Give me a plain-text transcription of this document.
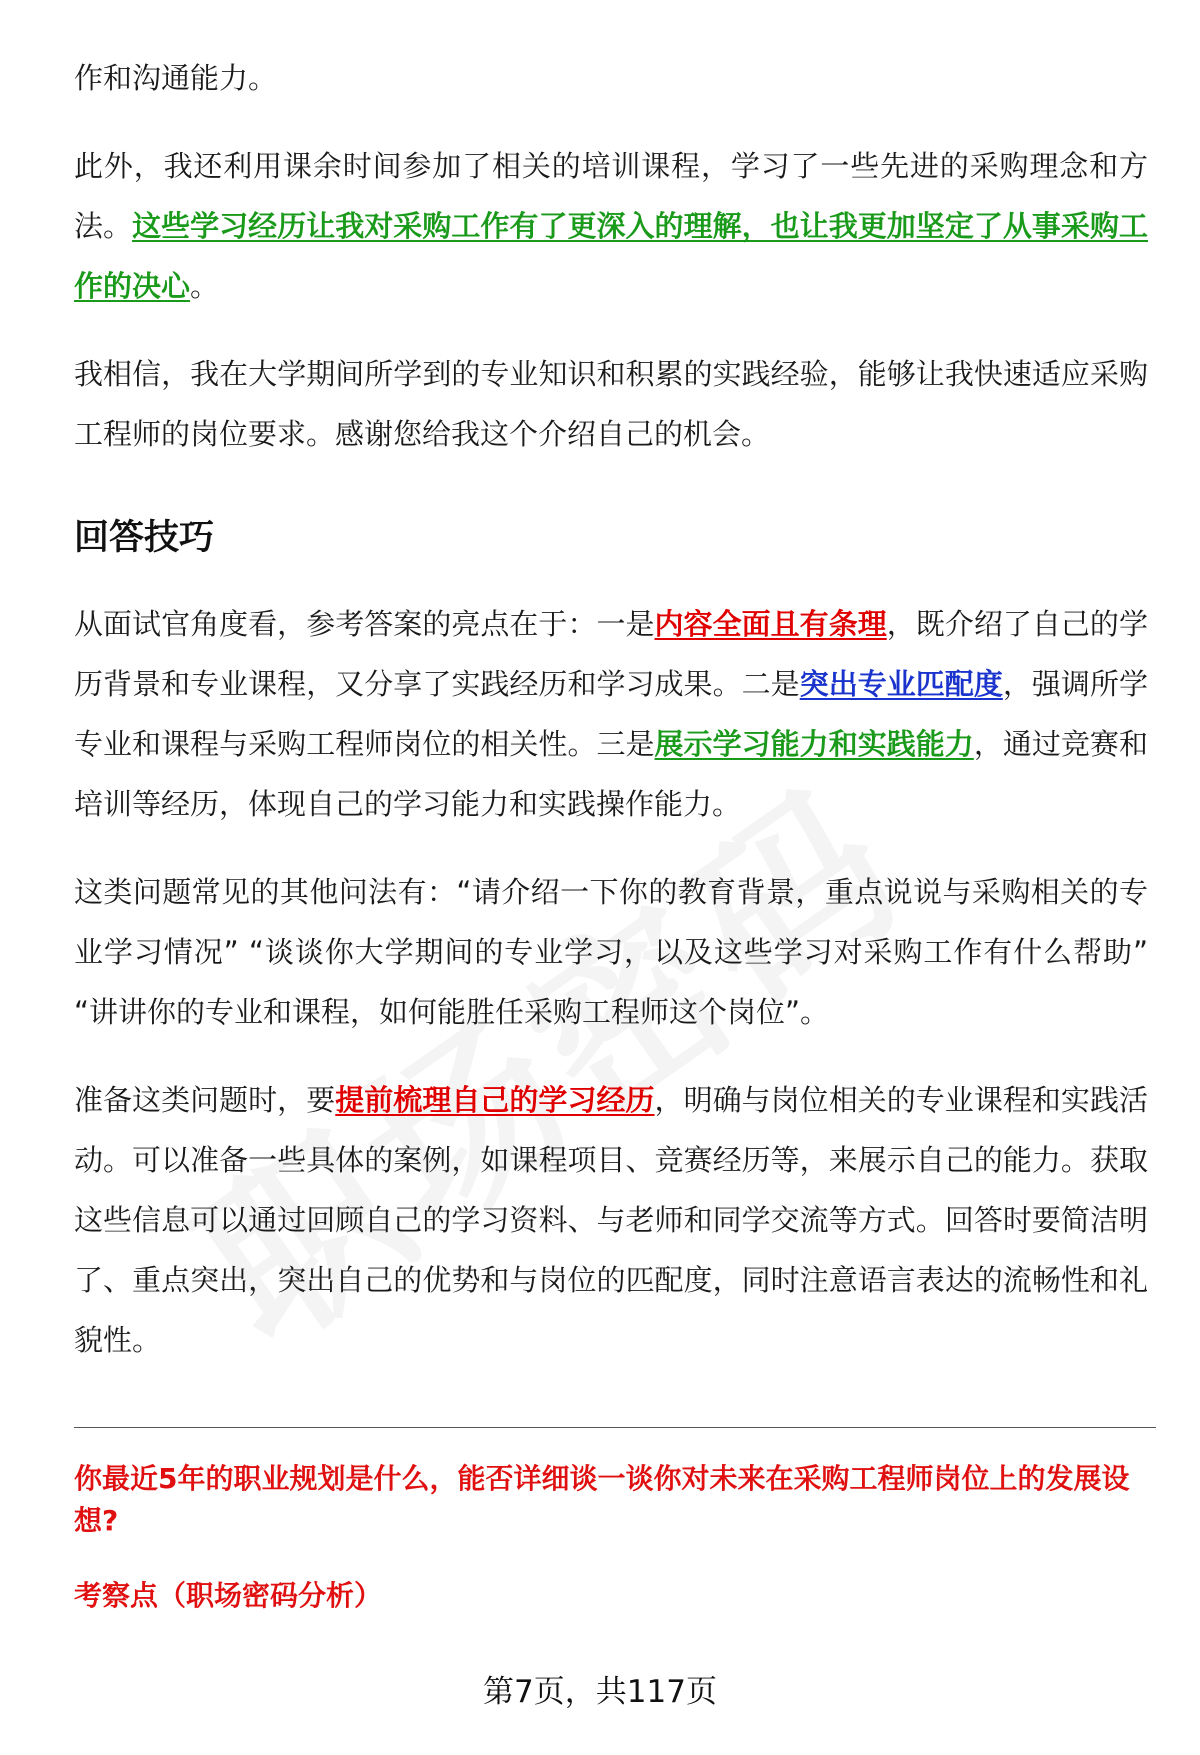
作和沟通能力。

此外，我还利用课余时间参加了相关的培训课程，学习了一些先进的采购理念和方法。这些学习经历让我对采购工作有了更深入的理解，也让我更加坚定了从事采购工作的决心。

我相信，我在大学期间所学到的专业知识和积累的实践经验，能够让我快速适应采购工程师的岗位要求。感谢您给我这个介绍自己的机会。

回答技巧

从面试官角度看，参考答案的亮点在于：一是内容全面且有条理，既介绍了自己的学历背景和专业课程，又分享了实践经历和学习成果。二是突出专业匹配度，强调所学专业和课程与采购工程师岗位的相关性。三是展示学习能力和实践能力，通过竞赛和培训等经历，体现自己的学习能力和实践操作能力。

这类问题常见的其他问法有：“请介绍一下你的教育背景，重点说说与采购相关的专业学习情况” “谈谈你大学期间的专业学习，以及这些学习对采购工作有什么帮助” “讲讲你的专业和课程，如何能胜任采购工程师这个岗位”。

准备这类问题时，要提前梳理自己的学习经历，明确与岗位相关的专业课程和实践活动。可以准备一些具体的案例，如课程项目、竞赛经历等，来展示自己的能力。获取这些信息可以通过回顾自己的学习资料、与老师和同学交流等方式。回答时要简洁明了、重点突出，突出自己的优势和与岗位的匹配度，同时注意语言表达的流畅性和礼貌性。

你最近5年的职业规划是什么，能否详细谈一谈你对未来在采购工程师岗位上的发展设想?
考察点（职场密码分析）
第7页，共117页
